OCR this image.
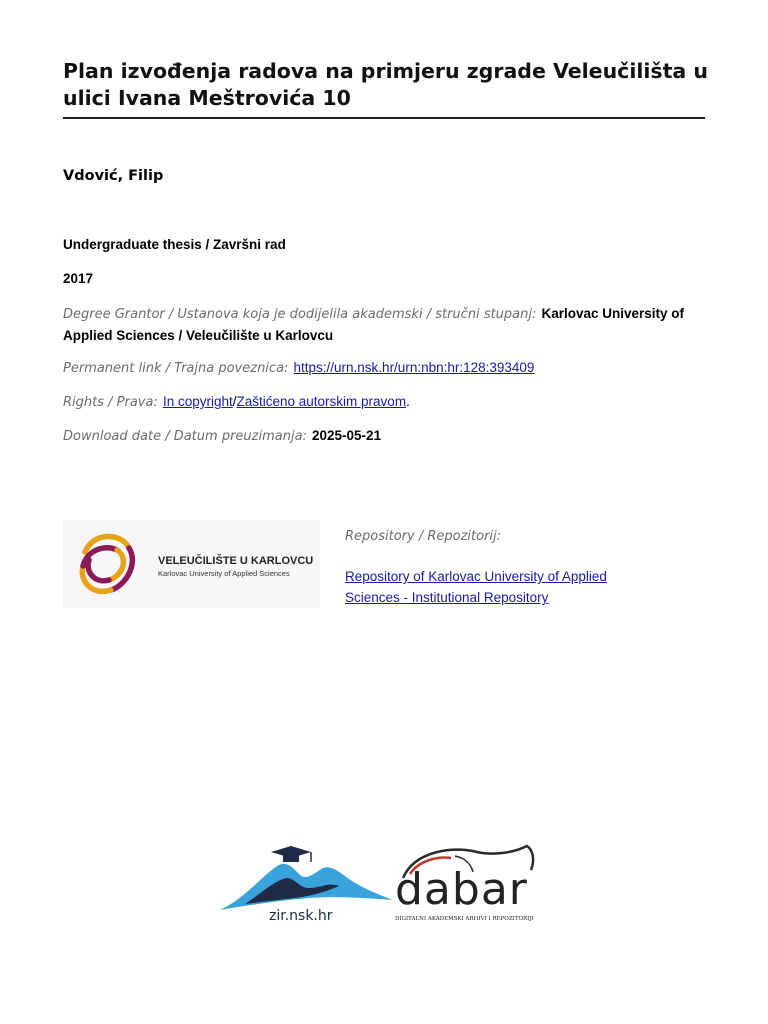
Plan izvođenja radova na primjeru zgrade Veleučilišta u ulici Ivana Meštrovića 10
Vdović, Filip
Undergraduate thesis / Završni rad
2017
Degree Grantor / Ustanova koja je dodijelila akademski / stručni stupanj: Karlovac University of Applied Sciences / Veleučilište u Karlovcu
Permanent link / Trajna poveznica: https://urn.nsk.hr/urn:nbn:hr:128:393409
Rights / Prava: In copyright/Zaštićeno autorskim pravom.
Download date / Datum preuzimanja: 2025-05-21
VELEUČILIŠTE U KARLOVCU
Karlovac University of Applied Sciences
Repository / Repozitorij:
Repository of Karlovac University of Applied Sciences - Institutional Repository
zir.nsk.hr
dabar
DIGITALNI AKADEMSKI ARHIVI I REPOZITORIJI
